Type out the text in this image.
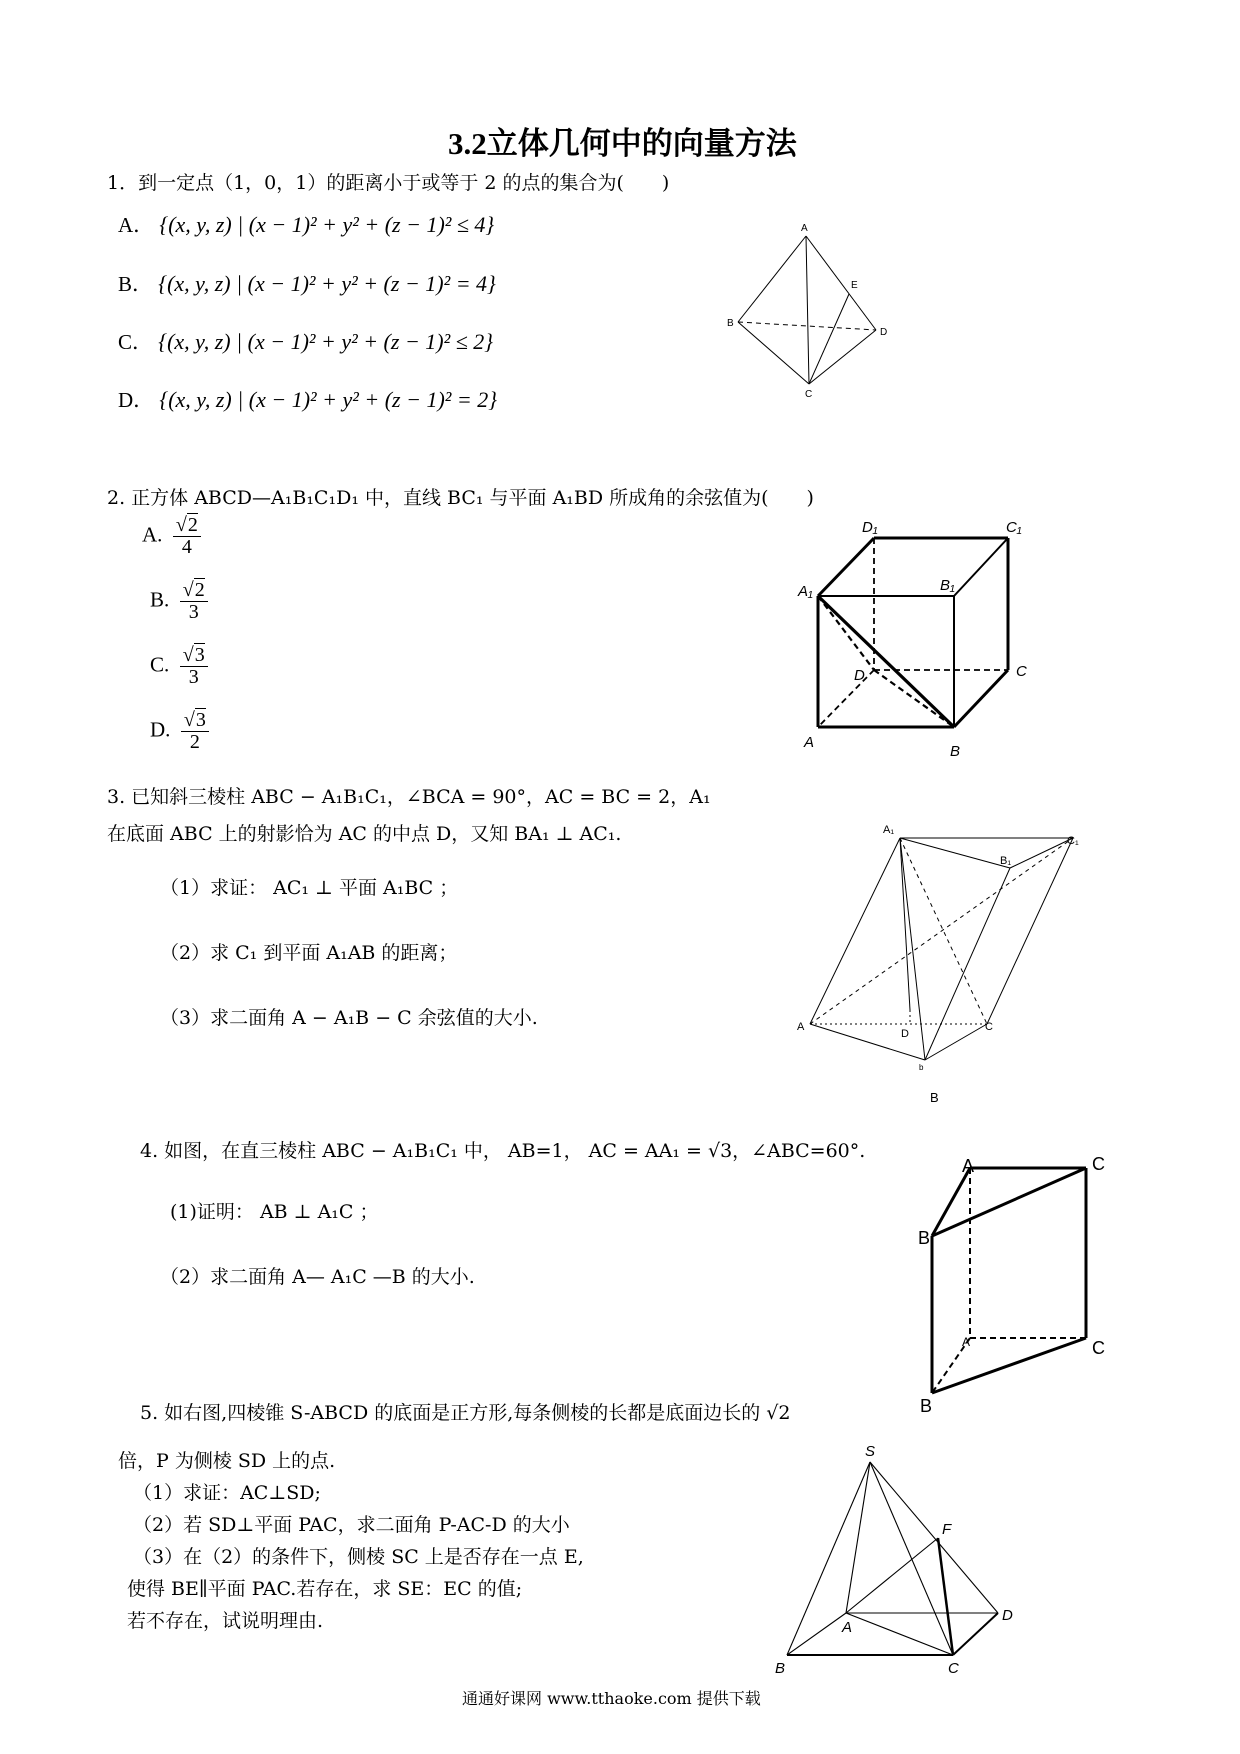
3.2立体几何中的向量方法
1．到一定点（1，0，1）的距离小于或等于 2 的点的集合为(　　)
A． {(x, y, z) | (x − 1)² + y² + (z − 1)² ≤ 4}
B． {(x, y, z) | (x − 1)² + y² + (z − 1)² = 4}
C． {(x, y, z) | (x − 1)² + y² + (z − 1)² ≤ 2}
D． {(x, y, z) | (x − 1)² + y² + (z − 1)² = 2}
A
B
C
D
E
2. 正方体 ABCD—A₁B₁C₁D₁ 中，直线 BC₁ 与平面 A₁BD 所成角的余弦值为(　　)
A. $\frac{√2}{4}$
B. $\frac{√2}{3}$
C. $\frac{√3}{3}$
D. $\frac{√3}{2}$
D₁	C₁
A₁	B₁
D	C
A
B
3. 已知斜三棱柱 ABC − A₁B₁C₁，∠BCA = 90°，AC = BC = 2，A₁
在底面 ABC 上的射影恰为 AC 的中点 D，又知 BA₁ ⊥ AC₁.
（1）求证： AC₁ ⊥ 平面 A₁BC ；
（2）求 C₁ 到平面 A₁AB 的距离；
（3）求二面角 A − A₁B − C 余弦值的大小.
A₁
C₁
B₁
A
D
C
b
B
4. 如图，在直三棱柱 ABC − A₁B₁C₁ 中， AB=1， AC = AA₁ = √3，∠ABC=60°.
(1)证明： AB ⊥ A₁C ；
（2）求二面角 A— A₁C —B 的大小.
A	C
B
A	C
B
5. 如右图,四棱锥 S-ABCD 的底面是正方形,每条侧棱的长都是底面边长的 √2
倍，P 为侧棱 SD 上的点.
（1）求证：AC⊥SD;
（2）若 SD⊥平面 PAC，求二面角 P-AC-D 的大小
（3）在（2）的条件下，侧棱 SC 上是否存在一点 E,
使得 BE∥平面 PAC.若存在，求 SE：EC 的值;
若不存在，试说明理由.
S
F
A
D
B	C
通通好课网 www.tthaoke.com 提供下载
